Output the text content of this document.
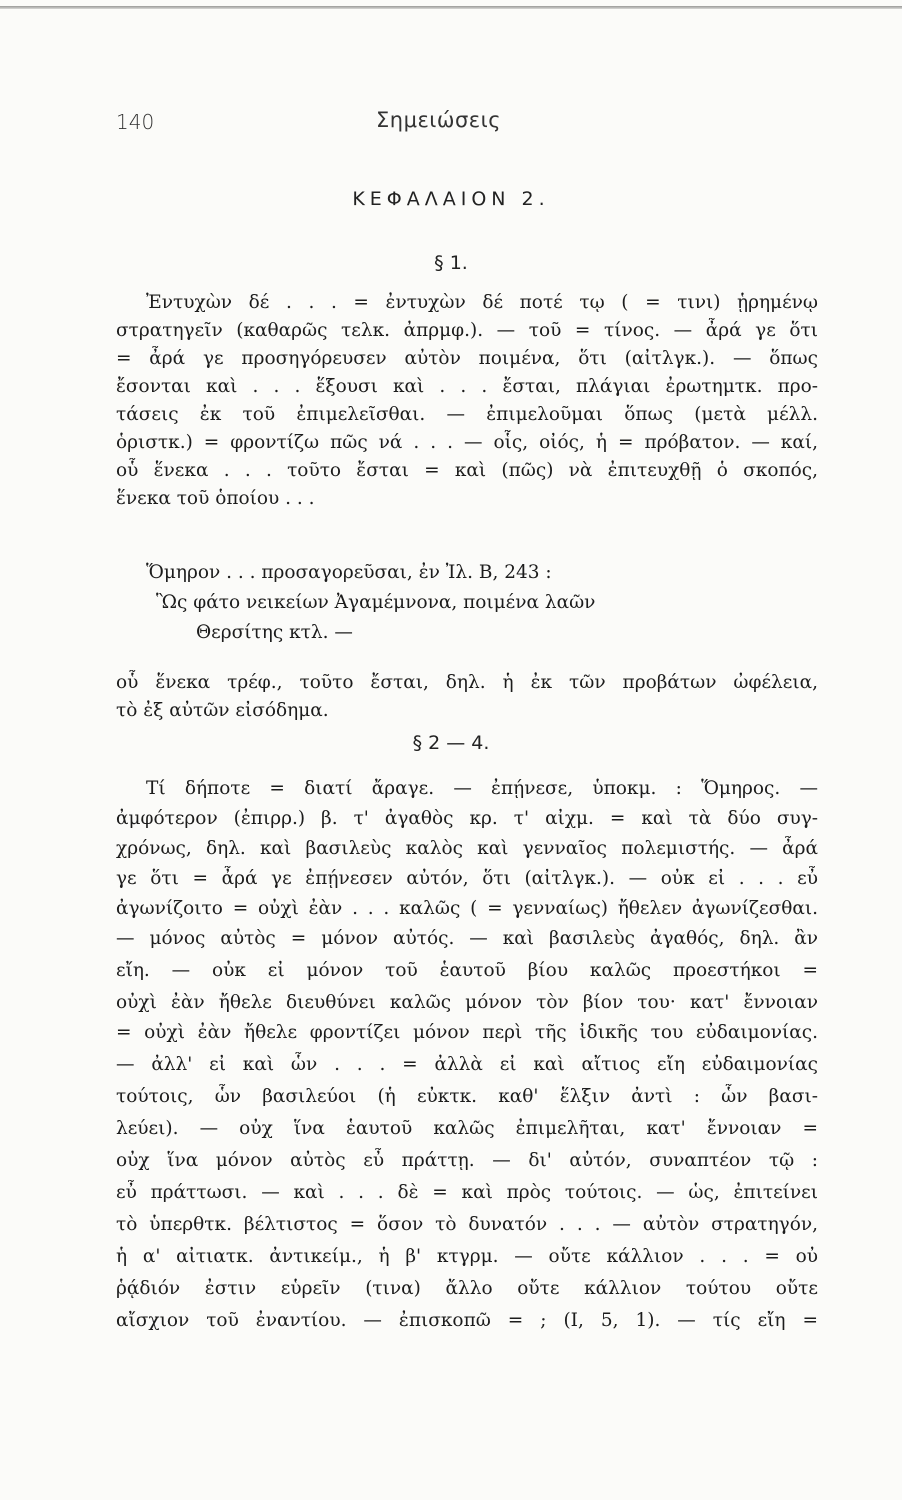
140	Σημειώσεις
ΚΕΦΑΛΑΙΟΝ 2.
§ 1.
Ἐντυχὼν δέ . . . = ἐντυχὼν δέ ποτέ τῳ ( = τινι) ᾑρημένῳ
στρατηγεῖν (καθαρῶς τελκ. ἀπρμφ.). — τοῦ = τίνος. — ἆρά γε ὅτι
= ἆρά γε προσηγόρευσεν αὐτὸν ποιμένα, ὅτι (αἰτλγκ.). — ὅπως
ἔσονται καὶ . . . ἕξουσι καὶ . . . ἔσται, πλάγιαι ἐρωτημτκ. προ-
τάσεις ἐκ τοῦ ἐπιμελεῖσθαι. — ἐπιμελοῦμαι ὅπως (μετὰ μέλλ.
ὁριστκ.) = φροντίζω πῶς νά . . . — οἷς, οἰός, ἡ = πρόβατον. — καί,
οὗ ἕνεκα . . . τοῦτο ἔσται = καὶ (πῶς) νὰ ἐπιτευχθῇ ὁ σκοπός,
ἕνεκα τοῦ ὁποίου . . .
Ὅμηρον . . . προσαγορεῦσαι, ἐν Ἰλ. Β, 243 :
Ὣς φάτο νεικείων Ἀγαμέμνονα, ποιμένα λαῶν
Θερσίτης κτλ. —
οὗ ἕνεκα τρέφ., τοῦτο ἔσται, δηλ. ἡ ἐκ τῶν προβάτων ὠφέλεια,
τὸ ἐξ αὐτῶν εἰσόδημα.
§ 2 — 4.
Τί δήποτε = διατί ἄραγε. — ἐπῄνεσε, ὑποκμ. : Ὅμηρος. —
ἀμφότερον (ἐπιρρ.) β. τ' ἀγαθὸς κρ. τ' αἰχμ. = καὶ τὰ δύο συγ-
χρόνως, δηλ. καὶ βασιλεὺς καλὸς καὶ γενναῖος πολεμιστής. — ἆρά
γε ὅτι = ἆρά γε ἐπῄνεσεν αὐτόν, ὅτι (αἰτλγκ.). — οὐκ εἰ . . . εὖ
ἀγωνίζοιτο = οὐχὶ ἐὰν . . . καλῶς ( = γενναίως) ἤθελεν ἀγωνίζεσθαι.
— μόνος αὐτὸς = μόνον αὐτός. — καὶ βασιλεὺς ἀγαθός, δηλ. ἂν
εἴη. — οὐκ εἰ μόνον τοῦ ἑαυτοῦ βίου καλῶς προεστήκοι =
οὐχὶ ἐὰν ἤθελε διευθύνει καλῶς μόνον τὸν βίον του· κατ' ἔννοιαν
= οὐχὶ ἐὰν ἤθελε φροντίζει μόνον περὶ τῆς ἰδικῆς του εὐδαιμονίας.
— ἀλλ' εἰ καὶ ὧν . . . = ἀλλὰ εἰ καὶ αἴτιος εἴη εὐδαιμονίας
τούτοις, ὧν βασιλεύοι (ἡ εὐκτκ. καθ' ἕλξιν ἀντὶ : ὧν βασι-
λεύει). — οὐχ ἵνα ἑαυτοῦ καλῶς ἐπιμελῆται, κατ' ἔννοιαν =
οὐχ ἵνα μόνον αὐτὸς εὖ πράττῃ. — δι' αὐτόν, συναπτέον τῷ :
εὖ πράττωσι. — καὶ . . . δὲ = καὶ πρὸς τούτοις. — ὡς, ἐπιτείνει
τὸ ὑπερθτκ. βέλτιστος = ὅσον τὸ δυνατόν . . . — αὐτὸν στρατηγόν,
ἡ α' αἰτιατκ. ἀντικείμ., ἡ β' κτγρμ. — οὔτε κάλλιον . . . = οὐ
ῥᾴδιόν ἐστιν εὑρεῖν (τινα) ἄλλο οὔτε κάλλιον τούτου οὔτε
αἴσχιον τοῦ ἐναντίου. — ἐπισκοπῶ = ; (Ι, 5, 1). — τίς εἴη =
